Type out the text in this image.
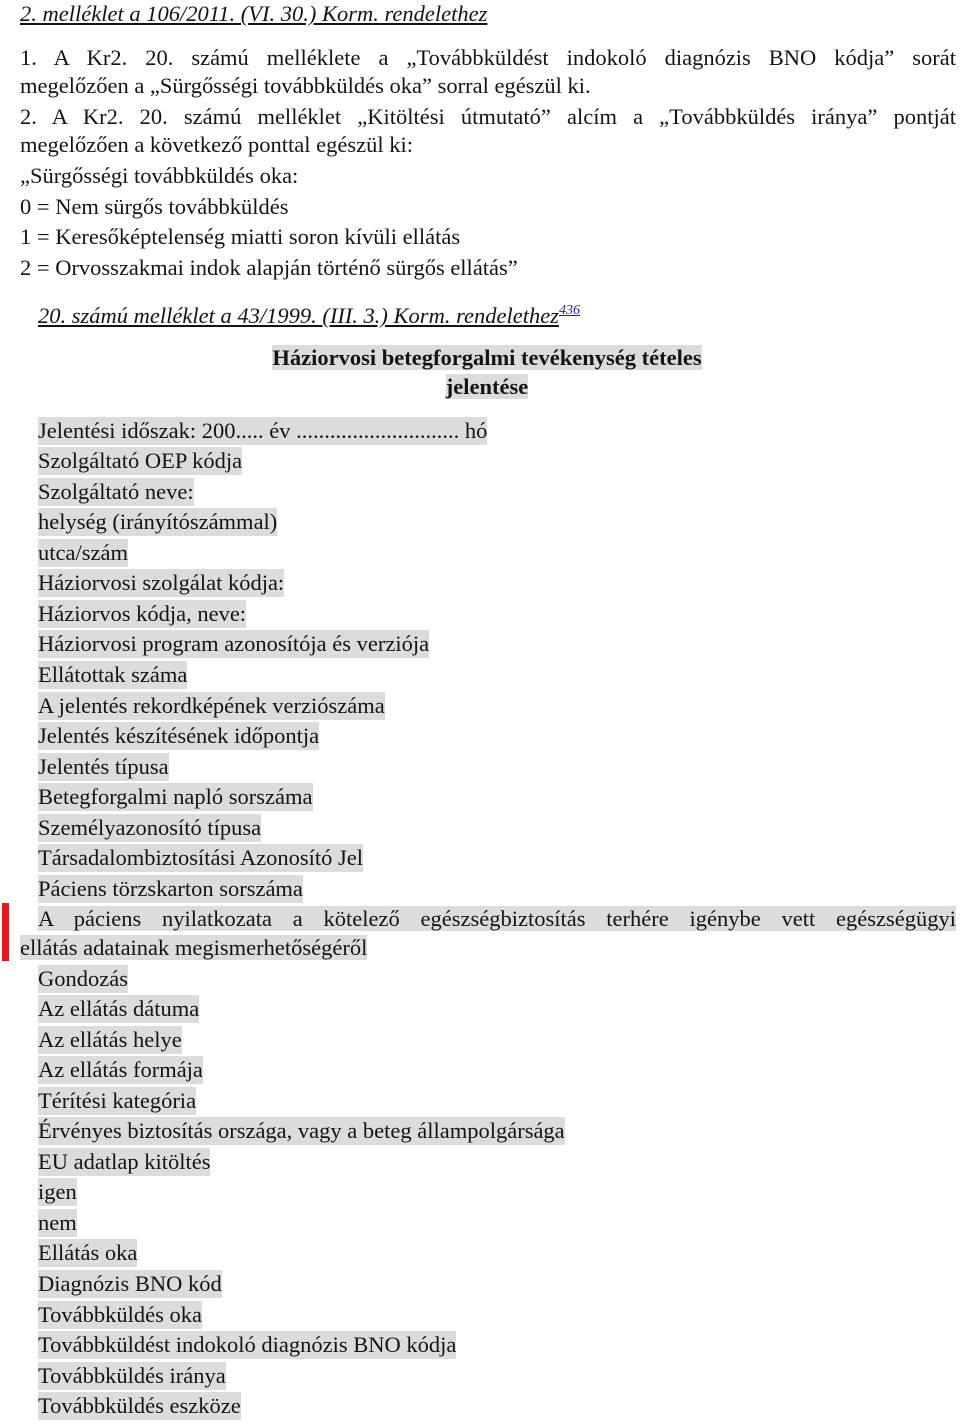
2. melléklet a 106/2011. (VI. 30.) Korm. rendelethez
1. A Kr2. 20. számú melléklete a „Továbbküldést indokoló diagnózis BNO kódja” sorát
megelőzően a „Sürgősségi továbbküldés oka” sorral egészül ki.
2. A Kr2. 20. számú melléklet „Kitöltési útmutató” alcím a „Továbbküldés iránya” pontját
megelőzően a következő ponttal egészül ki:
„Sürgősségi továbbküldés oka:
0 = Nem sürgős továbbküldés
1 = Keresőképtelenség miatti soron kívüli ellátás
2 = Orvosszakmai indok alapján történő sürgős ellátás”
20. számú melléklet a 43/1999. (III. 3.) Korm. rendelethez$^{436}$
Háziorvosi betegforgalmi tevékenység tételes
jelentése
Jelentési időszak: 200..... év ............................. hó
Szolgáltató OEP kódja
Szolgáltató neve:
helység (irányítószámmal)
utca/szám
Háziorvosi szolgálat kódja:
Háziorvos kódja, neve:
Háziorvosi program azonosítója és verziója
Ellátottak száma
A jelentés rekordképének verziószáma
Jelentés készítésének időpontja
Jelentés típusa
Betegforgalmi napló sorszáma
Személyazonosító típusa
Társadalombiztosítási Azonosító Jel
Páciens törzskarton sorszáma
A páciens nyilatkozata a kötelező egészségbiztosítás terhére igénybe vett egészségügyi
ellátás adatainak megismerhetőségéről
Gondozás
Az ellátás dátuma
Az ellátás helye
Az ellátás formája
Térítési kategória
Érvényes biztosítás országa, vagy a beteg állampolgársága
EU adatlap kitöltés
igen
nem
Ellátás oka
Diagnózis BNO kód
Továbbküldés oka
Továbbküldést indokoló diagnózis BNO kódja
Továbbküldés iránya
Továbbküldés eszköze
